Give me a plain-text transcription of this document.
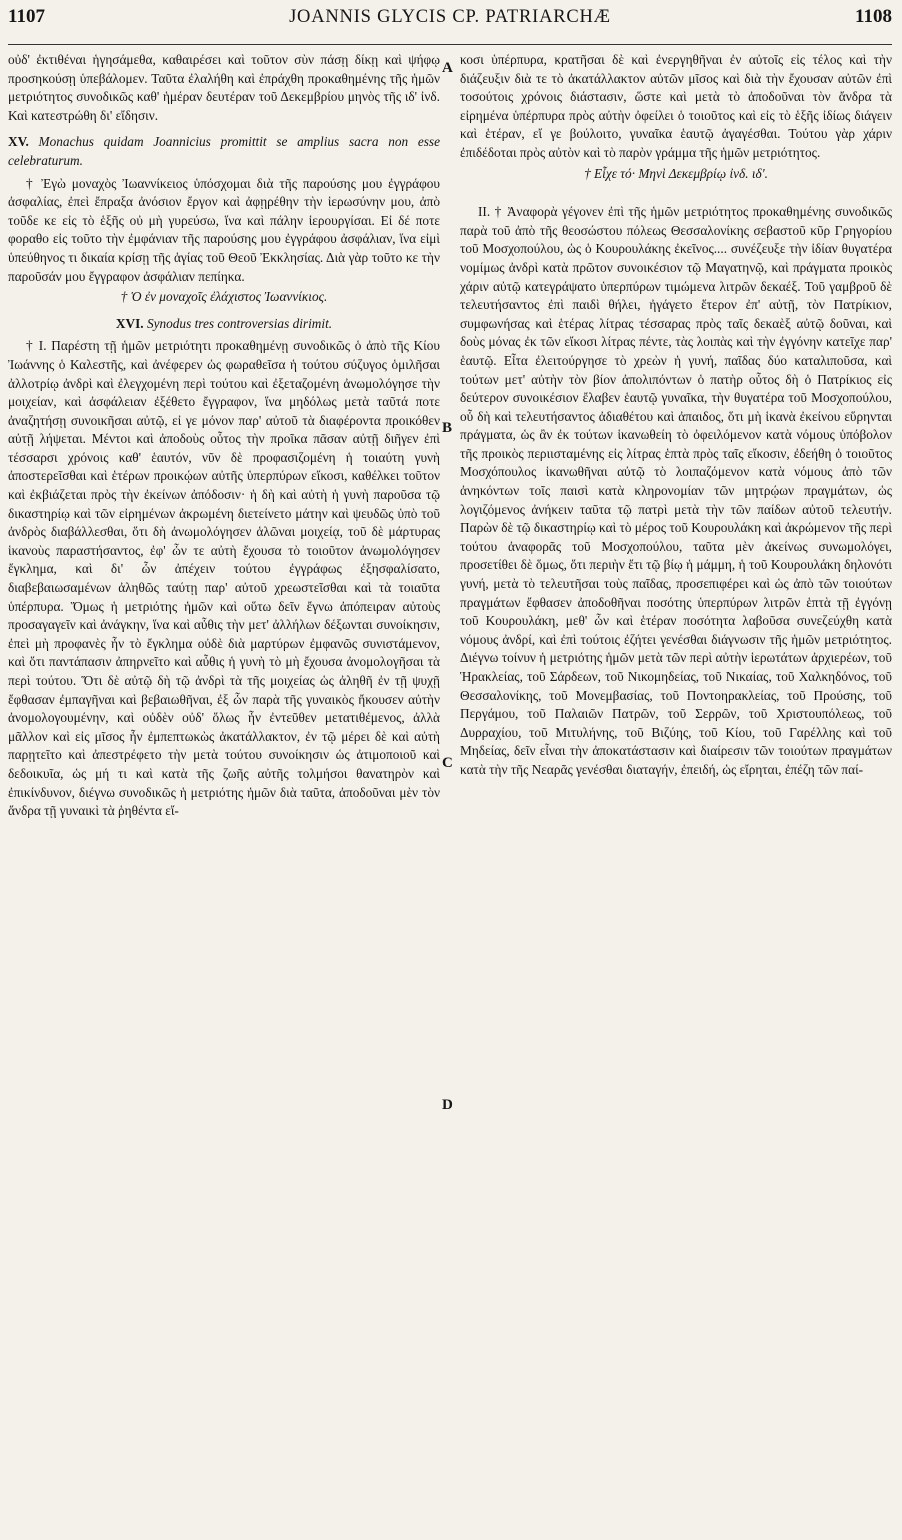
1107	JOANNIS GLYCIS CP. PATRIARCHÆ	1108

οὐδ' ἐκτιθέναι ἡγησάμεθα, καθαιρέσει καὶ τοῦτον σὺν πάσῃ δίκῃ καὶ ψήφῳ προσηκούσῃ ὑπεβάλομεν. Ταῦτα ἐλαλήθη καὶ ἐπράχθη προκαθημένης τῆς ἡμῶν μετριότητος συνοδικῶς καθ' ἡμέραν δευτέραν τοῦ Δεκεμβρίου μηνὸς τῆς ιδ' ἰνδ. Καὶ κατεστρώθη δι' εἴδησιν.

XV. Monachus quidam Joannicius promittit se amplius sacra non esse celebraturum.

† Ἐγὼ μοναχὸς Ἰωαννίκειος ὑπόσχομαι διὰ τῆς παρούσης μου ἐγγράφου ἀσφαλίας, ἐπεὶ ἔπραξα ἀνόσιον ἔργον καὶ ἀφῃρέθην τὴν ἱερωσύνην μου, ἀπὸ τοῦδε κε εἰς τὸ ἑξῆς οὐ μὴ γυρεύσω, ἵνα καὶ πάλην ἱερουργίσαι. Εἰ δέ ποτε φοραθο εἰς τοῦτο τὴν ἐμφάνιαν τῆς παρούσης μου ἐγγράφου ἀσφάλιαν, ἵνα εἰμὶ ὑπεύθηνος τι δικαία κρίσῃ τῆς ἁγίας τοῦ Θεοῦ Ἐκκλησίας. Διὰ γὰρ τοῦτο κε τὴν παροῦσάν μου ἔγγραφον ἀσφάλιαν πεπίηκα.

† Ὁ ἐν μοναχοῖς ἐλάχιστος Ἰωαννίκιος.
XVI. Synodus tres controversias dirimit.

† I. Παρέστη τῇ ἡμῶν μετριότητι προκαθημένῃ συνοδικῶς ὁ ἀπὸ τῆς Κίου Ἰωάννης ὁ Καλεστῆς, καὶ ἀνέφερεν ὡς φωραθεῖσα ἡ τούτου σύζυγος ὁμιλῆσαι ἀλλοτρίῳ ἀνδρὶ καὶ ἐλεγχομένη περὶ τούτου καὶ ἐξεταζομένη ἀνωμολόγησε τὴν μοιχείαν, καὶ ἀσφάλειαν ἐξέθετο ἔγγραφον, ἵνα μηδόλως μετὰ ταῦτά ποτε ἀναζητήσῃ συνοικῆσαι αὐτῷ, εἰ γε μόνον παρ' αὐτοῦ τὰ διαφέροντα προικόθεν αὐτῇ λήψεται. Μέντοι καὶ ἀποδοὺς οὗτος τὴν προῖκα πᾶσαν αὐτῇ διῆγεν ἐπὶ τέσσαρσι χρόνοις καθ' ἑαυτόν, νῦν δὲ προφασιζομένη ἡ τοιαύτη γυνὴ ἀποστερεῖσθαι καὶ ἑτέρων προικῴων αὐτῆς ὑπερπύρων εἴκοσι, καθέλκει τοῦτον καὶ ἐκβιάζεται πρὸς τὴν ἐκείνων ἀπόδοσιν· ἡ δὴ καὶ αὐτὴ ἡ γυνὴ παροῦσα τῷ δικαστηρίῳ καὶ τῶν εἰρημένων ἀκρωμένη διετείνετο μάτην καὶ ψευδῶς ὑπὸ τοῦ ἀνδρὸς διαβάλλεσθαι, ὅτι δὴ ἀνωμολόγησεν ἁλῶναι μοιχείᾳ, τοῦ δὲ μάρτυρας ἱκανοὺς παραστήσαντος, ἐφ' ὧν τε αὐτὴ ἔχουσα τὸ τοιοῦτον ἀνωμολόγησεν ἔγκλημα, καὶ δι' ὧν ἀπέχειν τούτου ἐγγράφως ἐξησφαλίσατο, διαβεβαιωσαμένων ἀληθῶς ταύτῃ παρ' αὐτοῦ χρεωστεῖσθαι καὶ τὰ τοιαῦτα ὑπέρπυρα. Ὅμως ἡ μετριότης ἡμῶν καὶ οὕτω δεῖν ἔγνω ἀπόπειραν αὐτοὺς προσαγαγεῖν καὶ ἀνάγκην, ἵνα καὶ αὖθις τὴν μετ' ἀλλήλων δέξωνται συνοίκησιν, ἐπεὶ μὴ προφανὲς ἦν τὸ ἔγκλημα οὐδὲ διὰ μαρτύρων ἐμφανῶς συνιστάμενον, καὶ ὅτι παντάπασιν ἀπηρνεῖτο καὶ αὖθις ἡ γυνὴ τὸ μὴ ἔχουσα ἀνομολογῆσαι τὰ περὶ τούτου. Ὅτι δὲ αὐτῷ δὴ τῷ ἀνδρὶ τὰ τῆς μοιχείας ὡς ἀληθῆ ἐν τῇ ψυχῇ ἔφθασαν ἐμπαγῆναι καὶ βεβαιωθῆναι, ἐξ ὧν παρὰ τῆς γυναικὸς ἤκουσεν αὐτὴν ἀνομολογουμένην, καὶ οὐδὲν οὐδ' ὅλως ἦν ἐντεῦθεν μετατιθέμενος, ἀλλὰ μᾶλλον καὶ εἰς μῖσος ἦν ἐμπεπτωκὼς ἀκατάλλακτον, ἐν τῷ μέρει δὲ καὶ αὐτὴ παρῃτεῖτο καὶ ἀπεστρέφετο τὴν μετὰ τούτου συνοίκησιν ὡς ἀτιμοποιοῦ καὶ δεδοικυῖα, ὡς μή τι καὶ κατὰ τῆς ζωῆς αὐτῆς τολμήσοι θανατηρὸν καὶ ἐπικίνδυνον, διέγνω συνοδικῶς ἡ μετριότης ἡμῶν διὰ ταῦτα, ἀποδοῦναι μὲν τὸν ἄνδρα τῇ γυναικὶ τὰ ῥηθέντα εἴ-

κοσι ὑπέρπυρα, κρατῆσαι δὲ καὶ ἐνεργηθῆναι ἐν αὐτοῖς εἰς τέλος καὶ τὴν διάζευξιν διὰ τε τὸ ἀκατάλλακτον αὐτῶν μῖσος καὶ διὰ τὴν ἔχουσαν αὐτῶν ἐπὶ τοσούτοις χρόνοις διάστασιν, ὥστε καὶ μετὰ τὸ ἀποδοῦναι τὸν ἄνδρα τὰ εἰρημένα ὑπέρπυρα πρὸς αὐτὴν ὀφείλει ὁ τοιοῦτος καὶ εἰς τὸ ἑξῆς ἰδίως διάγειν καὶ ἑτέραν, εἴ γε βούλοιτο, γυναῖκα ἑαυτῷ ἀγαγέσθαι. Τούτου γὰρ χάριν ἐπιδέδοται πρὸς αὐτὸν καὶ τὸ παρὸν γράμμα τῆς ἡμῶν μετριότητος.

† Εἶχε τό· Μηνὶ Δεκεμβρίῳ ἰνδ. ιδ'.

II. † Ἀναφορὰ γέγονεν ἐπὶ τῆς ἡμῶν μετριότητος προκαθημένης συνοδικῶς παρὰ τοῦ ἀπὸ τῆς θεοσώστου πόλεως Θεσσαλονίκης σεβαστοῦ κῦρ Γρηγορίου τοῦ Μοσχοπούλου, ὡς ὁ Κουρουλάκης ἐκεῖνος.... συνέζευξε τὴν ἰδίαν θυγατέρα νομίμως ἀνδρὶ κατὰ πρῶτον συνοικέσιον τῷ Μαγατηνῷ, καὶ πράγματα προικὸς χάριν αὐτῷ κατεγράψατο ὑπερπύρων τιμώμενα λιτρῶν δεκαέξ. Τοῦ γαμβροῦ δὲ τελευτήσαντος ἐπὶ παιδὶ θήλει, ἠγάγετο ἕτερον ἐπ' αὐτῇ, τὸν Πατρίκιον, συμφωνήσας καὶ ἑτέρας λίτρας τέσσαρας πρὸς ταῖς δεκαὲξ αὐτῷ δοῦναι, καὶ δοὺς μόνας ἐκ τῶν εἴκοσι λίτρας πέντε, τὰς λοιπὰς καὶ τὴν ἐγγόνην κατεῖχε παρ' ἑαυτῷ. Εἶτα ἐλειτούργησε τὸ χρεὼν ἡ γυνή, παῖδας δύο καταλιποῦσα, καὶ τούτων μετ' αὐτὴν τὸν βίον ἀπολιπόντων ὁ πατὴρ οὗτος δὴ ὁ Πατρίκιος εἰς δεύτερον συνοικέσιον ἔλαβεν ἑαυτῷ γυναῖκα, τὴν θυγατέρα τοῦ Μοσχοπούλου, οὗ δὴ καὶ τελευτήσαντος ἀδιαθέτου καὶ ἀπαιδος, ὅτι μὴ ἱκανὰ ἐκείνου εὕρηνται πράγματα, ὡς ἂν ἐκ τούτων ἱκανωθείη τὸ ὀφειλόμενον κατὰ νόμους ὑπόβολον τῆς προικὸς περιισταμένης εἰς λίτρας ἑπτὰ πρὸς ταῖς εἴκοσιν, ἐδεήθη ὁ τοιοῦτος Μοσχόπουλος ἱκανωθῆναι αὐτῷ τὸ λοιπαζόμενον κατὰ νόμους ἀπὸ τῶν ἀνηκόντων τοῖς παισὶ κατὰ κληρονομίαν τῶν μητρῴων πραγμάτων, ὡς λογιζόμενος ἀνήκειν ταῦτα τῷ πατρὶ μετὰ τὴν τῶν παίδων αὐτοῦ τελευτήν. Παρὼν δὲ τῷ δικαστηρίῳ καὶ τὸ μέρος τοῦ Κουρουλάκη καὶ ἀκρώμενον τῆς περὶ τούτου ἀναφορᾶς τοῦ Μοσχοπούλου, ταῦτα μὲν ἀκείνως συνωμολόγει, προσετίθει δὲ ὅμως, ὅτι περιὴν ἔτι τῷ βίῳ ἡ μάμμη, ἡ τοῦ Κουρουλάκη δηλονότι γυνή, μετὰ τὸ τελευτῆσαι τοὺς παῖδας, προσεπιφέρει καὶ ὡς ἀπὸ τῶν τοιούτων πραγμάτων ἔφθασεν ἀποδοθῆναι ποσότης ὑπερπύρων λιτρῶν ἑπτὰ τῇ ἐγγόνῃ τοῦ Κουρουλάκη, μεθ' ὧν καὶ ἑτέραν ποσότητα λαβοῦσα συνεζεύχθη κατὰ νόμους ἀνδρί, καὶ ἐπὶ τούτοις ἐζήτει γενέσθαι διάγνωσιν τῆς ἡμῶν μετριότητος. Διέγνω τοίνυν ἡ μετριότης ἡμῶν μετὰ τῶν περὶ αὐτὴν ἱερωτάτων ἀρχιερέων, τοῦ Ἡρακλείας, τοῦ Σάρδεων, τοῦ Νικομηδείας, τοῦ Νικαίας, τοῦ Χαλκηδόνος, τοῦ Θεσσαλονίκης, τοῦ Μονεμβασίας, τοῦ Ποντοηρακλείας, τοῦ Προύσης, τοῦ Περγάμου, τοῦ Παλαιῶν Πατρῶν, τοῦ Σερρῶν, τοῦ Χριστουπόλεως, τοῦ Δυρραχίου, τοῦ Μιτυλήνης, τοῦ Βιζύης, τοῦ Κίου, τοῦ Γαρέλλης καὶ τοῦ Μηδείας, δεῖν εἶναι τὴν ἀποκατάστασιν καὶ διαίρεσιν τῶν τοιούτων πραγμάτων κατὰ τὴν τῆς Νεαρᾶς γενέσθαι διαταγήν, ἐπειδή, ὡς εἴρηται, ἐπέζη τῶν παί-

A
B
C
D
